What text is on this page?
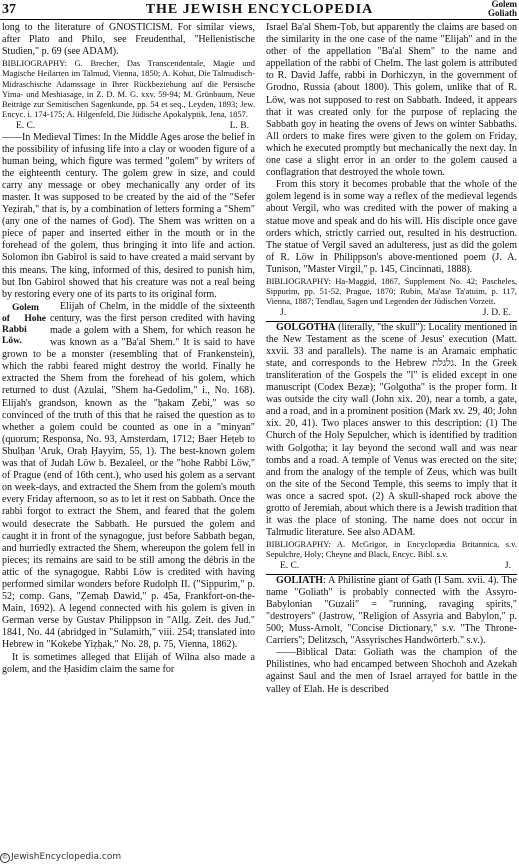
37	THE JEWISH ENCYCLOPEDIA	Golem
Goliath

long to the literature of GNOSTICISM. For similar views, after Plato and Philo, see Freudenthal, "Hellenistische Studien," p. 69 (see ADAM).

BIBLIOGRAPHY: G. Brecher, Das Transcendentale, Magie und Magische Heilarten im Talmud, Vienna, 1850; A. Kohut, Die Talmudisch-Midraschische Adamssage in Ihrer Rückbeziehung auf die Persische Yima- und Meshiasage, in Z. D. M. G. xxv. 59-94; M. Grünbaum, Neue Beiträge zur Semitischen Sagenkunde, pp. 54 et seq., Leyden, 1893; Jew. Encyc. i. 174-175; A. Hilgenfeld, Die Jüdische Apokalyptik, Jena, 1857.

E. C.	L. B.

——In Medieval Times: In the Middle Ages arose the belief in the possibility of infusing life into a clay or wooden figure of a human being, which figure was termed "golem" by writers of the eighteenth century. The golem grew in size, and could carry any message or obey mechanically any order of its master. It was supposed to be created by the aid of the "Sefer Yeẓirah," that is, by a combination of letters forming a "Shem" (any one of the names of God). The Shem was written on a piece of paper and inserted either in the mouth or in the forehead of the golem, thus bringing it into life and action. Solomon ibn Gabirol is said to have created a maid servant by this means. The king, informed of this, desired to punish him, but Ibn Gabirol showed that his creature was not a real being by restoring every one of its parts to its original form.

Golem of Hohe Rabbi Löw.
Elijah of Chelm, in the middle of the sixteenth century, was the first person credited with having made a golem with a Shem, for which reason he was known as a "Ba'al Shem." It is said to have grown to be a monster (resembling that of Frankenstein), which the rabbi feared might destroy the world. Finally he extracted the Shem from the forehead of his golem, which returned to dust (Azulai, "Shem ha-Gedolim," i., No. 168). Elijah's grandson, known as the "ḥakam Ẓebi," was so convinced of the truth of this that he raised the question as to whether a golem could be counted as one in a "minyan" (quorum; Responsa, No. 93, Amsterdam, 1712; Baer Heṭeb to Shulḥan 'Aruk, Oraḥ Ḥayyim, 55, 1). The best-known golem was that of Judah Löw b. Bezaleel, or the "hohe Rabbi Löw," of Prague (end of 16th cent.), who used his golem as a servant on week-days, and extracted the Shem from the golem's mouth every Friday afternoon, so as to let it rest on Sabbath. Once the rabbi forgot to extract the Shem, and feared that the golem would desecrate the Sabbath. He pursued the golem and caught it in front of the synagogue, just before Sabbath began, and hurriedly extracted the Shem, whereupon the golem fell in pieces; its remains are said to be still among the débris in the attic of the synagogue. Rabbi Löw is credited with having performed similar wonders before Rudolph II. ("Sippurim," p. 52; comp. Gans, "Ẓemaḥ Dawid," p. 45a, Frankfort-on-the-Main, 1692). A legend connected with his golem is given in German verse by Gustav Philippson in "Allg. Zeit. des Jud." 1841, No. 44 (abridged in "Sulamith," viii. 254; translated into Hebrew in "Kokebe Yiẓḥak," No. 28, p. 75, Vienna, 1862).

It is sometimes alleged that Elijah of Wilna also made a golem, and the Ḥasidim claim the same for

Israel Ba'al Shem-Ṭob, but apparently the claims are based on the similarity in the one case of the name "Elijah" and in the other of the appellation "Ba'al Shem" to the name and appellation of the rabbi of Chelm. The last golem is attributed to R. David Jaffe, rabbi in Dorhiczyn, in the government of Grodno, Russia (about 1800). This golem, unlike that of R. Löw, was not supposed to rest on Sabbath. Indeed, it appears that it was created only for the purpose of replacing the Sabbath goy in heating the ovens of Jews on winter Sabbaths. All orders to make fires were given to the golem on Friday, which he executed promptly but mechanically the next day. In one case a slight error in an order to the golem caused a conflagration that destroyed the whole town.

From this story it becomes probable that the whole of the golem legend is in some way a reflex of the medieval legends about Vergil, who was credited with the power of making a statue move and speak and do his will. His disciple once gave orders which, strictly carried out, resulted in his destruction. The statue of Vergil saved an adulteress, just as did the golem of R. Löw in Philippson's above-mentioned poem (J. A. Tunison, "Master Virgil," p. 145, Cincinnati, 1888).

BIBLIOGRAPHY: Ha-Maggid, 1867, Supplement No. 42; Pascheles, Sippurim, pp. 51-52, Prague, 1870; Rubin, Ma'ase Ta'atuim, p. 117, Vienna, 1887; Tendlau, Sagen und Legenden der Jüdischen Vorzeit.

J.	J. D. E.

GOLGOTHA (literally, "the skull"): Locality mentioned in the New Testament as the scene of Jesus' execution (Matt. xxvii. 33 and parallels). The name is an Aramaic emphatic state, and corresponds to the Hebrew גלגלת. In the Greek transliteration of the Gospels the "l" is elided except in one manuscript (Codex Bezæ); "Golgotha" is the proper form. It was outside the city wall (John xix. 20), near a tomb, a gate, and a road, and in a prominent position (Mark xv. 29, 40; John xix. 20, 41). Two places answer to this description: (1) The Church of the Holy Sepulcher, which is identified by tradition with Golgotha; it lay beyond the second wall and was near tombs and a road. A temple of Venus was erected on the site; and from the analogy of the temple of Zeus, which was built on the site of the Second Temple, this seems to imply that it was once a sacred spot. (2) A skull-shaped rock above the grotto of Jeremiah, about which there is a Jewish tradition that it was the place of stoning. The name does not occur in Talmudic literature. See also ADAM.

BIBLIOGRAPHY: A. McGrigor, in Encyclopædia Britannica, s.v. Sepulchre, Holy; Cheyne and Black, Encyc. Bibl. s.v.

E. C.	J.

GOLIATH: A Philistine giant of Gath (I Sam. xvii. 4). The name "Goliath" is probably connected with the Assyro-Babylonian "Guzali" = "running, ravaging spirits," "destroyers" (Jastrow, "Religion of Assyria and Babylon," p. 500; Muss-Arnolt, "Concise Dictionary," s.v. "The Throne-Carriers"; Delitzsch, "Assyrisches Handwörterb." s.v.).

——Biblical Data: Goliath was the champion of the Philistines, who had encamped between Shochoh and Azekah against Saul and the men of Israel arrayed for battle in the valley of Elah. He is described

© JewishEncyclopedia.com
